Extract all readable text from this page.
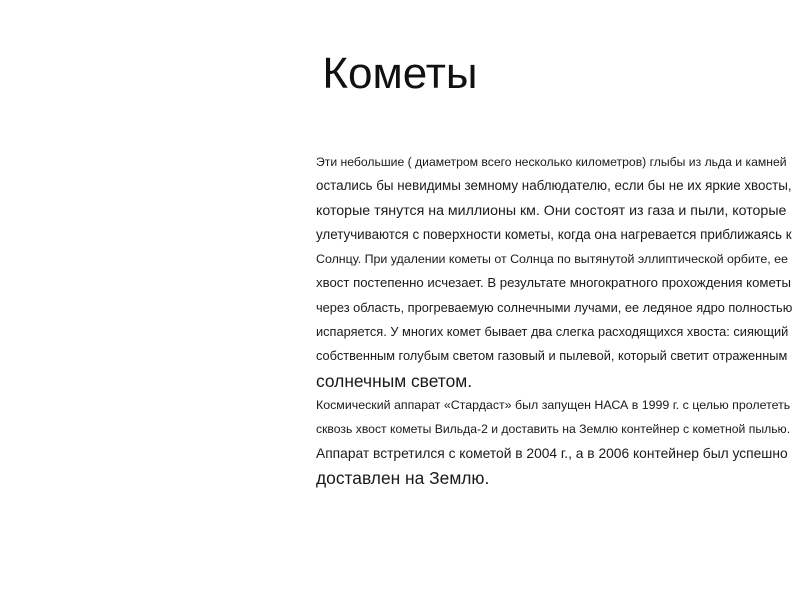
Кометы
Эти небольшие ( диаметром всего несколько километров) глыбы из льда и камней
остались бы невидимы земному наблюдателю, если бы не их яркие хвосты,
которые тянутся на миллионы км. Они состоят из газа и пыли, которые
улетучиваются с поверхности кометы, когда она нагревается приближаясь к
Солнцу. При удалении кометы от Солнца по вытянутой эллиптической орбите, ее
хвост постепенно исчезает. В результате многократного прохождения кометы
через область, прогреваемую солнечными лучами, ее ледяное ядро полностью
испаряется. У многих комет бывает два слегка расходящихся хвоста: сияющий
собственным голубым светом газовый и пылевой, который светит отраженным
солнечным светом.
Космический аппарат «Стардаст» был запущен НАСА в 1999 г. с целью пролететь
сквозь хвост кометы Вильда-2 и доставить на Землю контейнер с кометной пылью.
Аппарат встретился с кометой в 2004 г., а в 2006 контейнер был успешно
доставлен на Землю.
